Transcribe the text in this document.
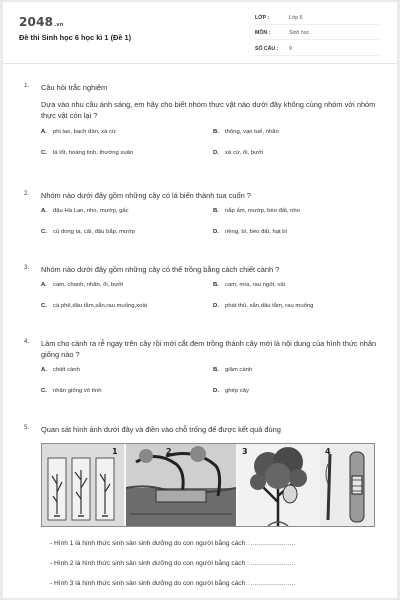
2048.vn
Đề thi Sinh học 6 học kì 1 (Đề 1)
LỚP :	Lớp 6
MÔN :	Sinh học
SỐ CÂU :	9
1. Câu hỏi trắc nghiệm
Dựa vào nhu cầu ánh sáng, em hãy cho biết nhóm thực vật nào dưới đây không cùng nhóm với nhóm thực vật còn lại ?
A. phi lao, bạch đàn, xà cừ	B. thông, vạn tuế, nhãn
C. lá lốt, hoàng tinh, thường xuân	D. xà cừ, ổi, bưởi
2. Nhóm nào dưới đây gồm những cây có lá biến thành tua cuốn ?
A. đậu Hà Lan, nho, mướp, gấc	B. nắp ấm, mướp, bèo đất, nho
C. củ dong ta, cải, đậu bắp, mướp	D. riềng, bí, bèo đất, hạt bí
3. Nhóm nào dưới đây gồm những cây có thể trồng bằng cách chiết cành ?
A. cam, chanh, nhãn, ổi, bưởi	B. cam, mía, rau ngót, vải
C. cà phê,dâu tằm,sắn,rau muống,xoài	D. phát thủ, sắn,dâu tằm, rau muống
4. Làm cho cành ra rễ ngay trên cây rồi mới cắt đem trồng thành cây mới là nội dung của hình thức nhân giống nào ?
A. chiết cành	B. giâm cành
C. nhân giống vô tính	D. ghép cây
5. Quan sát hình ảnh dưới đây và điền vào chỗ trống để được kết quả đúng
1	2	3	4
- Hình 1 là hình thức sinh sản sinh dưỡng do con người bằng cách : ......................
- Hình 2 là hình thức sinh sản sinh dưỡng do con người bằng cách : ......................
- Hình 3 là hình thức sinh sản sinh dưỡng do con người bằng cách : ......................
